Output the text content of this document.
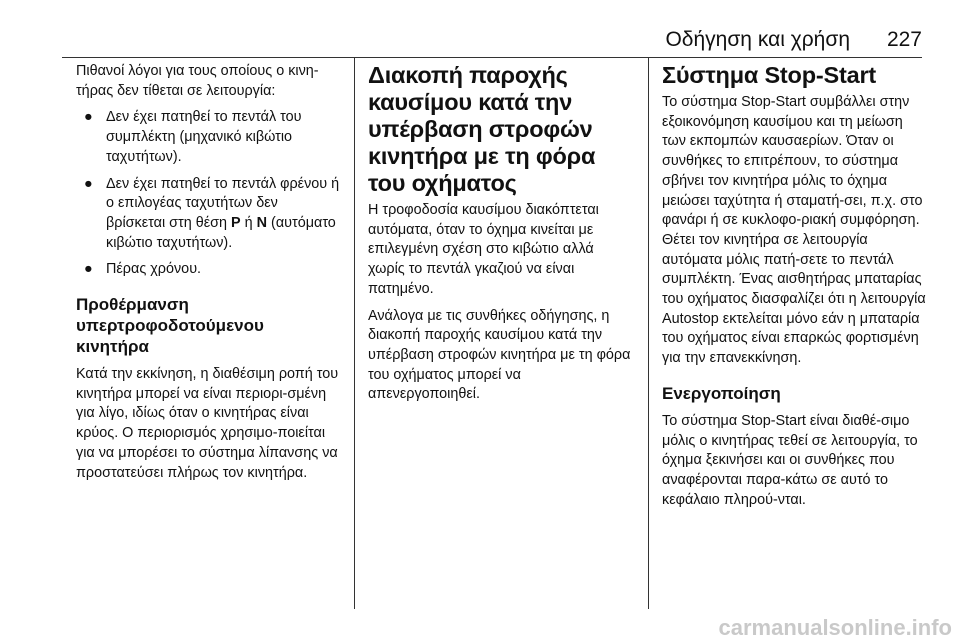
Οδήγηση και χρήση 227

Πιθανοί λόγοι για τους οποίους ο κινη-τήρας δεν τίθεται σε λειτουργία:

● Δεν έχει πατηθεί το πεντάλ του συμπλέκτη (μηχανικό κιβώτιο ταχυτήτων).
● Δεν έχει πατηθεί το πεντάλ φρένου ή ο επιλογέας ταχυτήτων δεν βρίσκεται στη θέση P ή N (αυτόματο κιβώτιο ταχυτήτων).
● Πέρας χρόνου.
Προθέρμανση υπερτροφοδοτούμενου κινητήρα

Κατά την εκκίνηση, η διαθέσιμη ροπή του κινητήρα μπορεί να είναι περιορι-σμένη για λίγο, ιδίως όταν ο κινητήρας είναι κρύος. Ο περιορισμός χρησιμο-ποιείται για να μπορέσει το σύστημα λίπανσης να προστατεύσει πλήρως τον κινητήρα.

Διακοπή παροχής καυσίμου κατά την υπέρβαση στροφών κινητήρα με τη φόρα του οχήματος

Η τροφοδοσία καυσίμου διακόπτεται αυτόματα, όταν το όχημα κινείται με επιλεγμένη σχέση στο κιβώτιο αλλά χωρίς το πεντάλ γκαζιού να είναι πατημένο.

Ανάλογα με τις συνθήκες οδήγησης, η διακοπή παροχής καυσίμου κατά την υπέρβαση στροφών κινητήρα με τη φόρα του οχήματος μπορεί να απενεργοποιηθεί.

Σύστημα Stop-Start

Το σύστημα Stop-Start συμβάλλει στην εξοικονόμηση καυσίμου και τη μείωση των εκπομπών καυσαερίων. Όταν οι συνθήκες το επιτρέπουν, το σύστημα σβήνει τον κινητήρα μόλις το όχημα μειώσει ταχύτητα ή σταματή-σει, π.χ. στο φανάρι ή σε κυκλοφο-ριακή συμφόρηση. Θέτει τον κινητήρα σε λειτουργία αυτόματα μόλις πατή-σετε το πεντάλ συμπλέκτη. Ένας αισθητήρας μπαταρίας του οχήματος διασφαλίζει ότι η λειτουργία Autostop εκτελείται μόνο εάν η μπαταρία του οχήματος είναι επαρκώς φορτισμένη για την επανεκκίνηση.

Ενεργοποίηση

Το σύστημα Stop-Start είναι διαθέ-σιμο μόλις ο κινητήρας τεθεί σε λειτουργία, το όχημα ξεκινήσει και οι συνθήκες που αναφέρονται παρα-κάτω σε αυτό το κεφάλαιο πληρού-νται.

carmanualsonline.info
